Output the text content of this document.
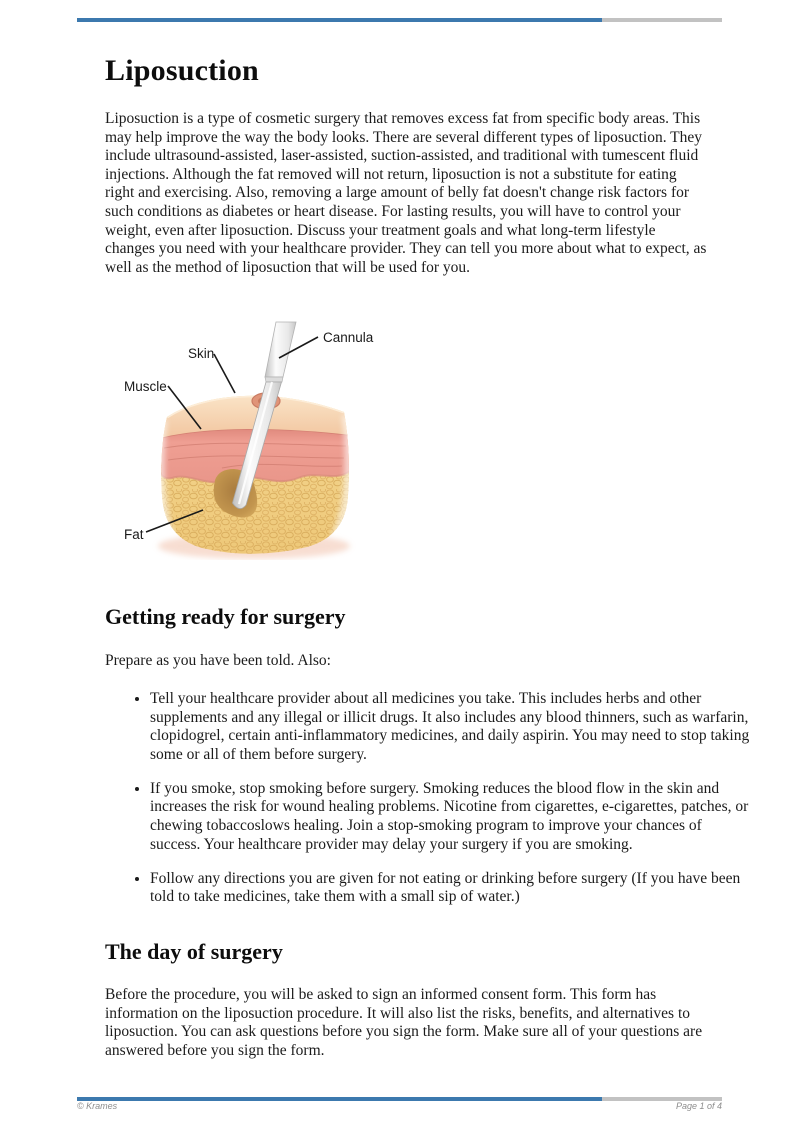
Liposuction

Liposuction is a type of cosmetic surgery that removes excess fat from specific body areas. This may help improve the way the body looks. There are several different types of liposuction. They include ultrasound-assisted, laser-assisted, suction-assisted, and traditional with tumescent fluid injections. Although the fat removed will not return, liposuction is not a substitute for eating right and exercising. Also, removing a large amount of belly fat doesn't change risk factors for such conditions as diabetes or heart disease. For lasting results, you will have to control your weight, even after liposuction. Discuss your treatment goals and what long-term lifestyle changes you need with your healthcare provider. They can tell you more about what to expect, as well as the method of liposuction that will be used for you.

Skin
Cannula
Muscle
Fat
Getting ready for surgery

Prepare as you have been told. Also:

• Tell your healthcare provider about all medicines you take. This includes herbs and other supplements and any illegal or illicit drugs. It also includes any blood thinners, such as warfarin, clopidogrel, certain anti-inflammatory medicines, and daily aspirin. You may need to stop taking some or all of them before surgery.
• If you smoke, stop smoking before surgery. Smoking reduces the blood flow in the skin and increases the risk for wound healing problems. Nicotine from cigarettes, e-cigarettes, patches, or chewing tobaccoslows healing. Join a stop-smoking program to improve your chances of success. Your healthcare provider may delay your surgery if you are smoking.
• Follow any directions you are given for not eating or drinking before surgery (If you have been told to take medicines, take them with a small sip of water.)
The day of surgery

Before the procedure, you will be asked to sign an informed consent form. This form has information on the liposuction procedure. It will also list the risks, benefits, and alternatives to liposuction. You can ask questions before you sign the form. Make sure all of your questions are answered before you sign the form.

© Krames	Page 1 of 4
